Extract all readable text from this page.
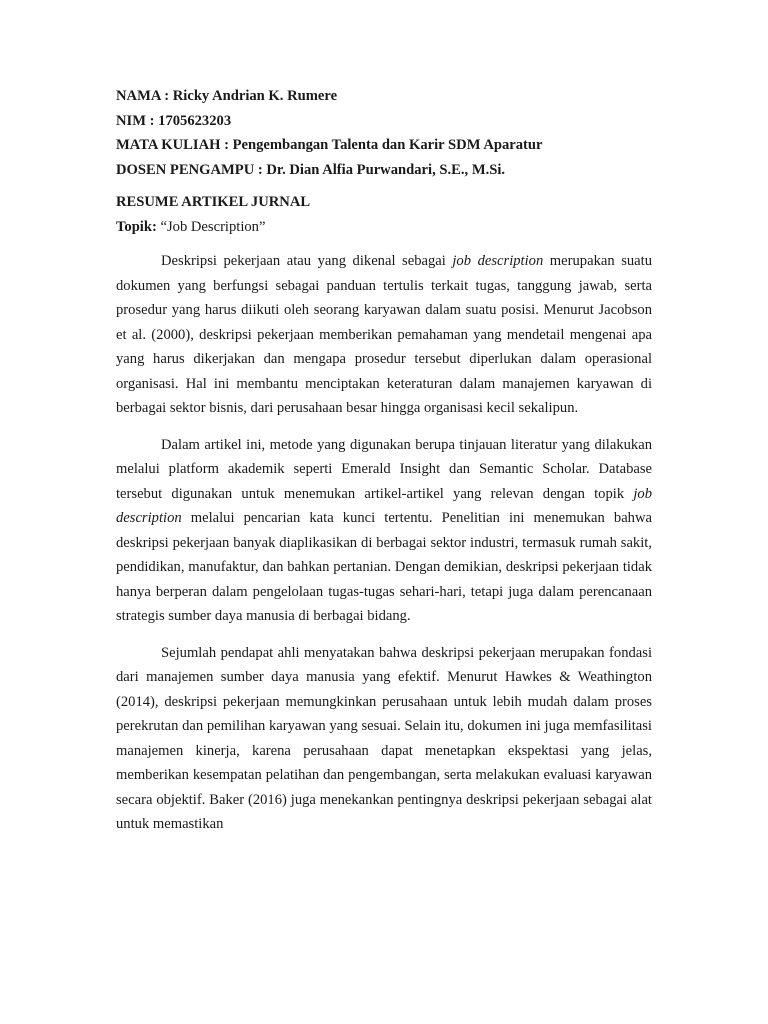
NAMA : Ricky Andrian K. Rumere
NIM : 1705623203
MATA KULIAH : Pengembangan Talenta dan Karir SDM Aparatur
DOSEN PENGAMPU : Dr. Dian Alfia Purwandari, S.E., M.Si.
RESUME ARTIKEL JURNAL
Topik: “Job Description”

Deskripsi pekerjaan atau yang dikenal sebagai job description merupakan suatu dokumen yang berfungsi sebagai panduan tertulis terkait tugas, tanggung jawab, serta prosedur yang harus diikuti oleh seorang karyawan dalam suatu posisi. Menurut Jacobson et al. (2000), deskripsi pekerjaan memberikan pemahaman yang mendetail mengenai apa yang harus dikerjakan dan mengapa prosedur tersebut diperlukan dalam operasional organisasi. Hal ini membantu menciptakan keteraturan dalam manajemen karyawan di berbagai sektor bisnis, dari perusahaan besar hingga organisasi kecil sekalipun.

Dalam artikel ini, metode yang digunakan berupa tinjauan literatur yang dilakukan melalui platform akademik seperti Emerald Insight dan Semantic Scholar. Database tersebut digunakan untuk menemukan artikel-artikel yang relevan dengan topik job description melalui pencarian kata kunci tertentu. Penelitian ini menemukan bahwa deskripsi pekerjaan banyak diaplikasikan di berbagai sektor industri, termasuk rumah sakit, pendidikan, manufaktur, dan bahkan pertanian. Dengan demikian, deskripsi pekerjaan tidak hanya berperan dalam pengelolaan tugas-tugas sehari-hari, tetapi juga dalam perencanaan strategis sumber daya manusia di berbagai bidang.

Sejumlah pendapat ahli menyatakan bahwa deskripsi pekerjaan merupakan fondasi dari manajemen sumber daya manusia yang efektif. Menurut Hawkes & Weathington (2014), deskripsi pekerjaan memungkinkan perusahaan untuk lebih mudah dalam proses perekrutan dan pemilihan karyawan yang sesuai. Selain itu, dokumen ini juga memfasilitasi manajemen kinerja, karena perusahaan dapat menetapkan ekspektasi yang jelas, memberikan kesempatan pelatihan dan pengembangan, serta melakukan evaluasi karyawan secara objektif. Baker (2016) juga menekankan pentingnya deskripsi pekerjaan sebagai alat untuk memastikan
